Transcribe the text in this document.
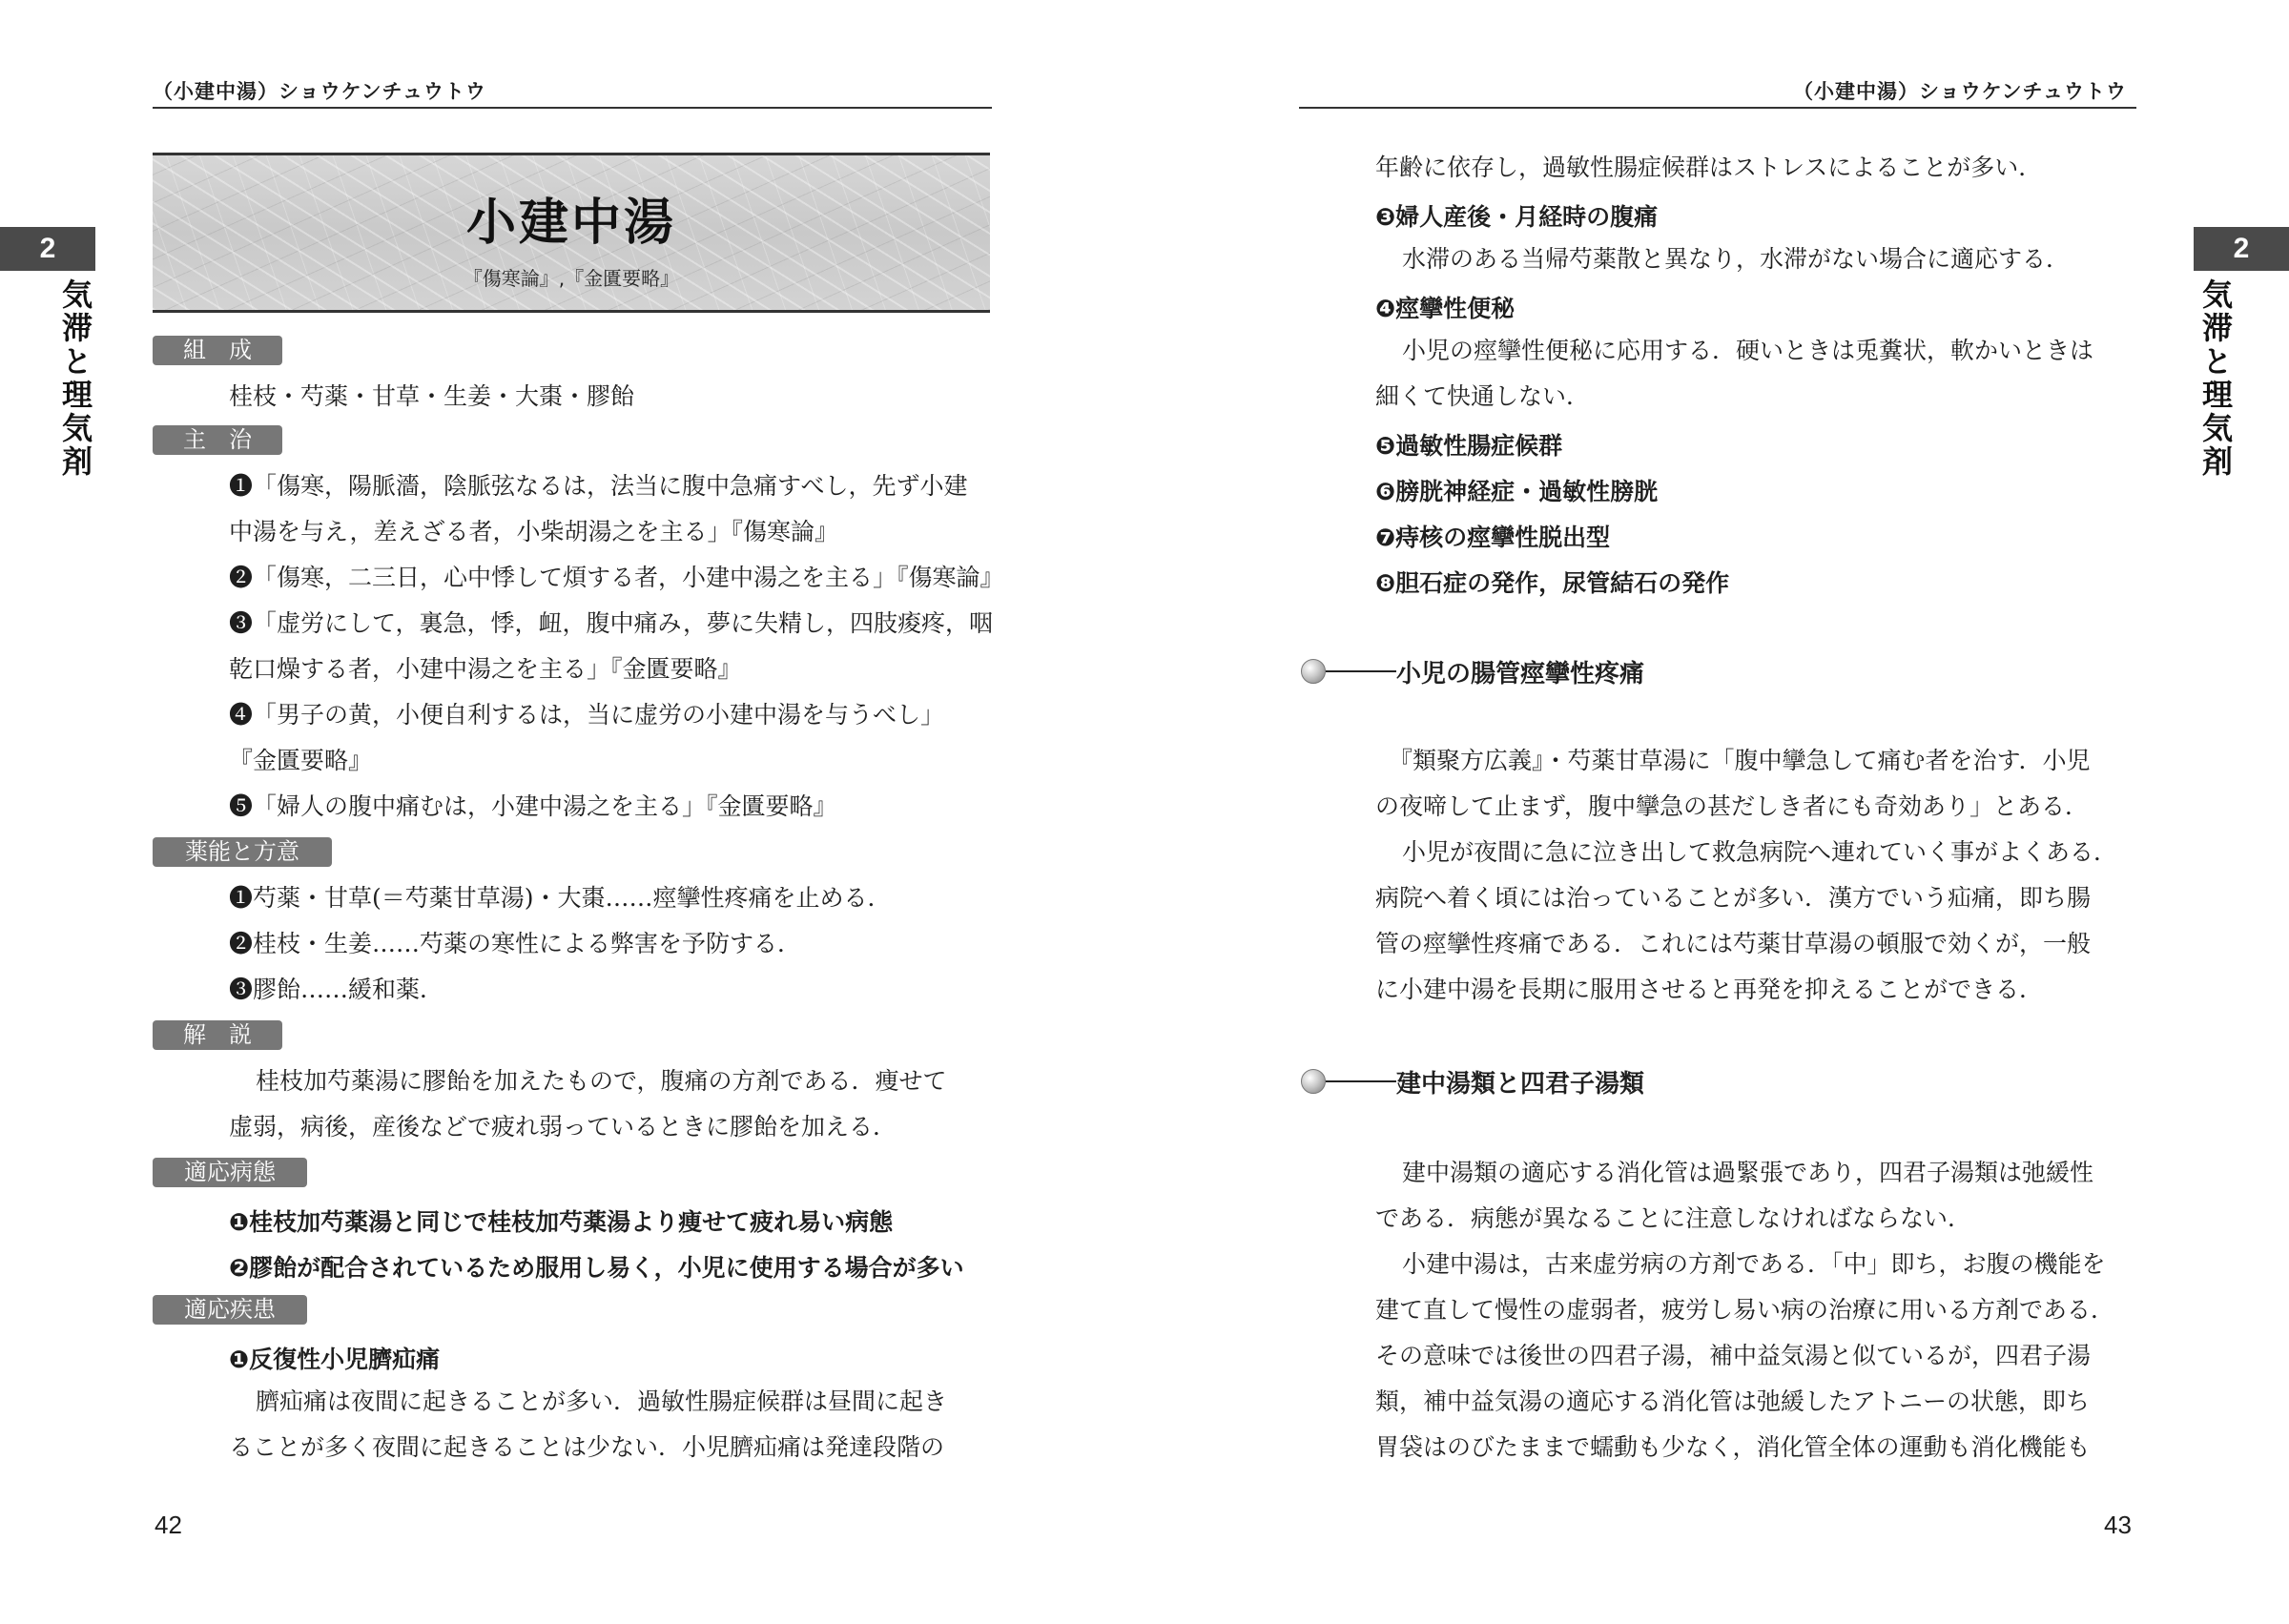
（小建中湯）ショウケンチュウトウ
2
気滞と理気剤
小建中湯
『傷寒論』,『金匱要略』
組　成
桂枝・芍薬・甘草・生姜・大棗・膠飴
主　治
❶「傷寒，陽脈濇，陰脈弦なるは，法当に腹中急痛すべし，先ず小建
中湯を与え，差えざる者，小柴胡湯之を主る」『傷寒論』
❷「傷寒，二三日，心中悸して煩する者，小建中湯之を主る」『傷寒論』
❸「虚労にして，裏急，悸，衄，腹中痛み，夢に失精し，四肢痠疼，咽
乾口燥する者，小建中湯之を主る」『金匱要略』
❹「男子の黄，小便自利するは，当に虚労の小建中湯を与うべし」
『金匱要略』
❺「婦人の腹中痛むは，小建中湯之を主る」『金匱要略』
薬能と方意
❶芍薬・甘草(＝芍薬甘草湯)・大棗……痙攣性疼痛を止める．
❷桂枝・生姜……芍薬の寒性による弊害を予防する．
❸膠飴……緩和薬．
解　説
桂枝加芍薬湯に膠飴を加えたもので，腹痛の方剤である．痩せて
虚弱，病後，産後などで疲れ弱っているときに膠飴を加える．
適応病態
❶桂枝加芍薬湯と同じで桂枝加芍薬湯より痩せて疲れ易い病態
❷膠飴が配合されているため服用し易く，小児に使用する場合が多い
適応疾患
❶反復性小児臍疝痛
臍疝痛は夜間に起きることが多い．過敏性腸症候群は昼間に起き
ることが多く夜間に起きることは少ない．小児臍疝痛は発達段階の
42
（小建中湯）ショウケンチュウトウ
2
気滞と理気剤
年齢に依存し，過敏性腸症候群はストレスによることが多い．
❸婦人産後・月経時の腹痛
水滞のある当帰芍薬散と異なり，水滞がない場合に適応する．
❹痙攣性便秘
小児の痙攣性便秘に応用する．硬いときは兎糞状，軟かいときは
細くて快通しない．
❺過敏性腸症候群
❻膀胱神経症・過敏性膀胱
❼痔核の痙攣性脱出型
❽胆石症の発作，尿管結石の発作
小児の腸管痙攣性疼痛
『類聚方広義』・芍薬甘草湯に「腹中攣急して痛む者を治す．小児
の夜啼して止まず，腹中攣急の甚だしき者にも奇効あり」とある．
小児が夜間に急に泣き出して救急病院へ連れていく事がよくある．
病院へ着く頃には治っていることが多い．漢方でいう疝痛，即ち腸
管の痙攣性疼痛である．これには芍薬甘草湯の頓服で効くが，一般
に小建中湯を長期に服用させると再発を抑えることができる．
建中湯類と四君子湯類
建中湯類の適応する消化管は過緊張であり，四君子湯類は弛緩性
である．病態が異なることに注意しなければならない．
小建中湯は，古来虚労病の方剤である．「中」即ち，お腹の機能を
建て直して慢性の虚弱者，疲労し易い病の治療に用いる方剤である．
その意味では後世の四君子湯，補中益気湯と似ているが，四君子湯
類，補中益気湯の適応する消化管は弛緩したアトニーの状態，即ち
胃袋はのびたままで蠕動も少なく，消化管全体の運動も消化機能も
43
